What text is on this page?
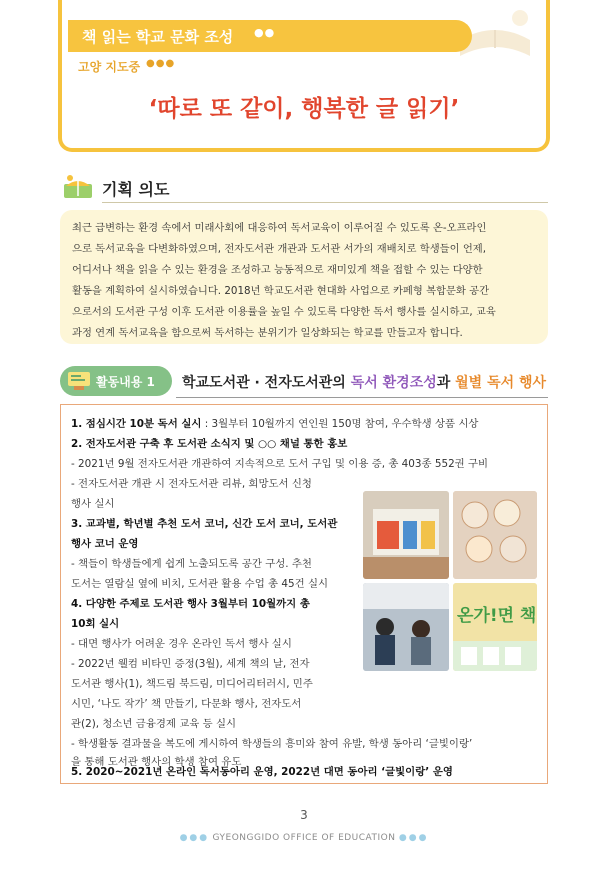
책 읽는 학교 문화 조성 ●●
고양 지도중 ●●●
‘따로 또 같이, 행복한 글 읽기’
기획 의도

최근 급변하는 환경 속에서 미래사회에 대응하여 독서교육이 이루어질 수 있도록 온-오프라인

으로 독서교육을 다변화하였으며, 전자도서관 개관과 도서관 서가의 재배치로 학생들이 언제,

어디서나 책을 읽을 수 있는 환경을 조성하고 능동적으로 재미있게 책을 접할 수 있는 다양한

활동을 계획하여 실시하였습니다. 2018년 학교도서관 현대화 사업으로 카페형 복합문화 공간

으로서의 도서관 구성 이후 도서관 이용률을 높일 수 있도록 다양한 독서 행사를 실시하고, 교육

과정 연계 독서교육을 함으로써 독서하는 분위기가 일상화되는 학교를 만들고자 합니다.

활동내용 1 학교도서관 · 전자도서관의 독서 환경조성과 월별 독서 행사
1. 점심시간 10분 독서 실시 : 3월부터 10월까지 연인원 150명 참여, 우수학생 상품 시상
2. 전자도서관 구축 후 도서관 소식지 및 ○○ 채널 통한 홍보
- 2021년 9월 전자도서관 개관하여 지속적으로 도서 구입 및 이용 증, 총 403종 552권 구비
- 전자도서관 개관 시 전자도서관 리뷰, 희망도서 신청
행사 실시
3. 교과별, 학년별 추천 도서 코너, 신간 도서 코너, 도서관
행사 코너 운영
- 책들이 학생들에게 쉽게 노출되도록 공간 구성. 추천
도서는 열람실 옆에 비치, 도서관 활용 수업 총 45건 실시
4. 다양한 주제로 도서관 행사 3월부터 10월까지 총
10회 실시
- 대면 행사가 어려운 경우 온라인 독서 행사 실시
- 2022년 웰컴 비타민 증정(3월), 세계 책의 날, 전자
도서관 행사(1), 책드림 북드림, 미디어리터러시, 민주
시민, ‘나도 작가’ 책 만들기, 다문화 행사, 전자도서
관(2), 청소년 금융경제 교육 등 실시
- 학생활동 결과물을 복도에 게시하여 학생들의 흥미와 참여 유발, 학생 동아리 ‘글빛이랑’
을 통해 도서관 행사의 학생 참여 유도
5. 2020~2021년 온라인 독서동아리 운영, 2022년 대면 동아리 ‘글빛이랑’ 운영
온가!면 책
3
●●● GYEONGGIDO OFFICE OF EDUCATION ●●●
